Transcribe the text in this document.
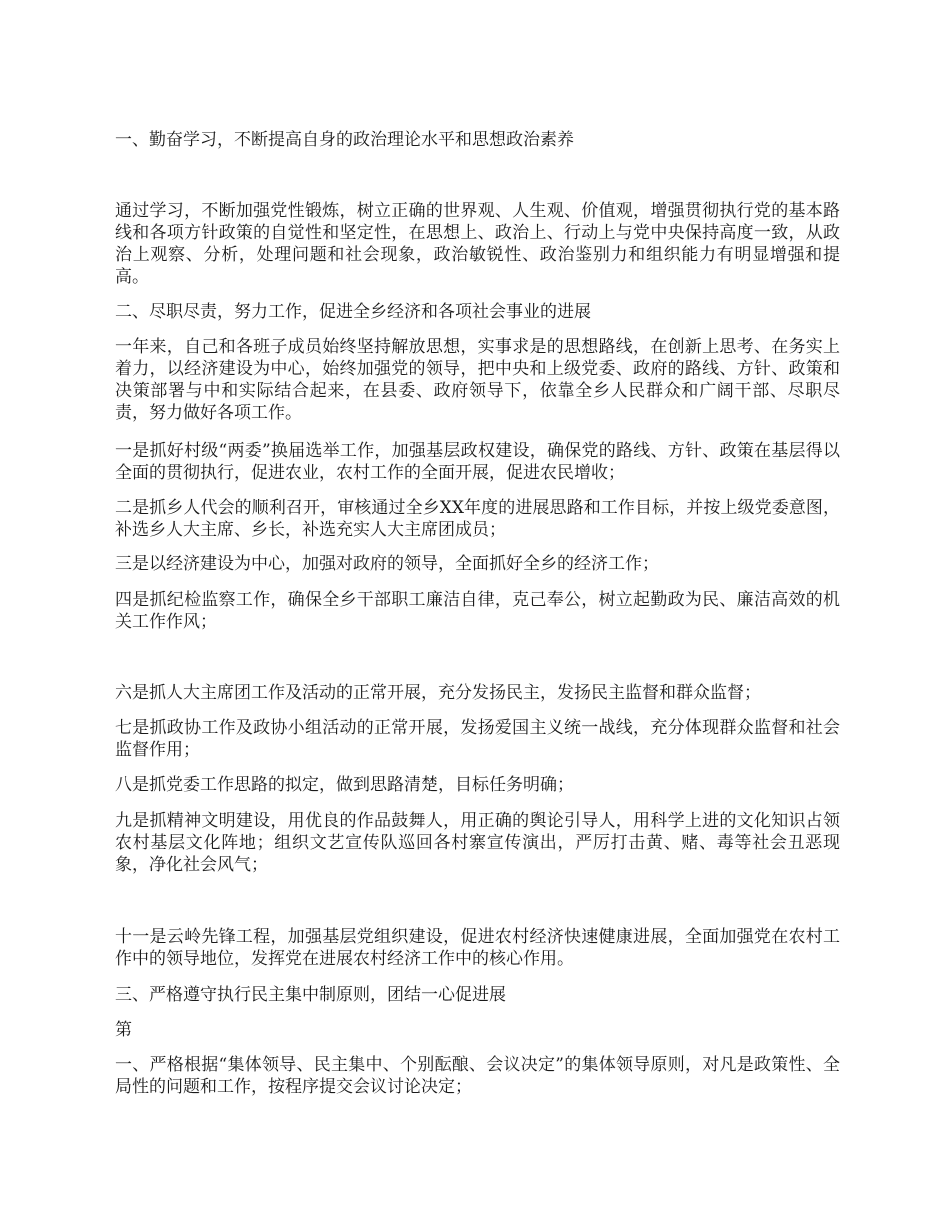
一、勤奋学习，不断提高自身的政治理论水平和思想政治素养

通过学习，不断加强党性锻炼，树立正确的世界观、人生观、价值观，增强贯彻执行党的基本路线和各项方针政策的自觉性和坚定性，在思想上、政治上、行动上与党中央保持高度一致，从政治上观察、分析，处理问题和社会现象，政治敏锐性、政治鉴别力和组织能力有明显增强和提高。

二、尽职尽责，努力工作，促进全乡经济和各项社会事业的进展

一年来，自己和各班子成员始终坚持解放思想，实事求是的思想路线，在创新上思考、在务实上着力，以经济建设为中心，始终加强党的领导，把中央和上级党委、政府的路线、方针、政策和决策部署与中和实际结合起来，在县委、政府领导下，依靠全乡人民群众和广阔干部、尽职尽责，努力做好各项工作。

一是抓好村级“两委”换届选举工作，加强基层政权建设，确保党的路线、方针、政策在基层得以全面的贯彻执行，促进农业，农村工作的全面开展，促进农民增收；

二是抓乡人代会的顺利召开，审核通过全乡XX年度的进展思路和工作目标，并按上级党委意图，补选乡人大主席、乡长，补选充实人大主席团成员；

三是以经济建设为中心，加强对政府的领导，全面抓好全乡的经济工作；

四是抓纪检监察工作，确保全乡干部职工廉洁自律，克己奉公，树立起勤政为民、廉洁高效的机关工作作风；

六是抓人大主席团工作及活动的正常开展，充分发扬民主，发扬民主监督和群众监督；

七是抓政协工作及政协小组活动的正常开展，发扬爱国主义统一战线，充分体现群众监督和社会监督作用；

八是抓党委工作思路的拟定，做到思路清楚，目标任务明确；

九是抓精神文明建设，用优良的作品鼓舞人，用正确的舆论引导人，用科学上进的文化知识占领农村基层文化阵地；组织文艺宣传队巡回各村寨宣传演出，严厉打击黄、赌、毒等社会丑恶现象，净化社会风气；

十一是云岭先锋工程，加强基层党组织建设，促进农村经济快速健康进展，全面加强党在农村工作中的领导地位，发挥党在进展农村经济工作中的核心作用。

三、严格遵守执行民主集中制原则，团结一心促进展

第

一、严格根据“集体领导、民主集中、个别酝酿、会议决定”的集体领导原则，对凡是政策性、全局性的问题和工作，按程序提交会议讨论决定；
